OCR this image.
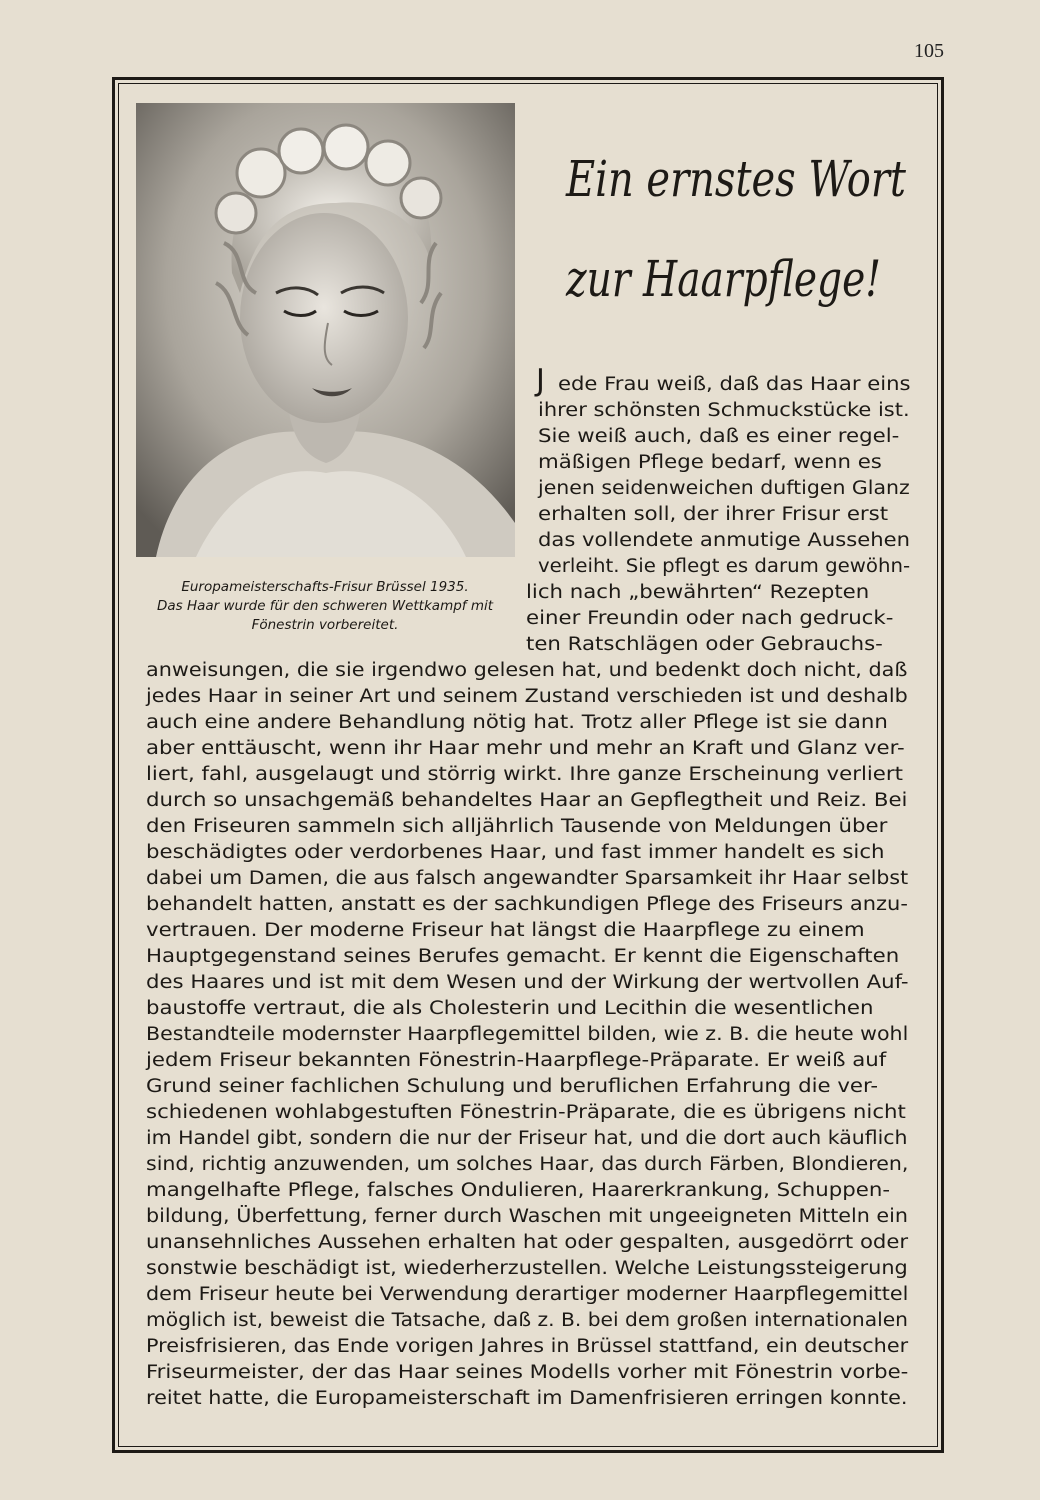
105
Europameisterschafts-Frisur Brüssel 1935.
Das Haar wurde für den schweren Wettkampf mit
Fönestrin vorbereitet.
Ein ernstes Wort
zur Haarpflege!
J ede Frau weiß, daß das Haar eins
ihrer schönsten Schmuckstücke ist.
Sie weiß auch, daß es einer regel-
mäßigen Pflege bedarf, wenn es
jenen seidenweichen duftigen Glanz
erhalten soll, der ihrer Frisur erst
das vollendete anmutige Aussehen
verleiht. Sie pflegt es darum gewöhn-
lich nach „bewährten“ Rezepten
einer Freundin oder nach gedruck-
ten Ratschlägen oder Gebrauchs-
anweisungen, die sie irgendwo gelesen hat, und bedenkt doch nicht, daß
jedes Haar in seiner Art und seinem Zustand verschieden ist und deshalb
auch eine andere Behandlung nötig hat. Trotz aller Pflege ist sie dann
aber enttäuscht, wenn ihr Haar mehr und mehr an Kraft und Glanz ver-
liert, fahl, ausgelaugt und störrig wirkt. Ihre ganze Erscheinung verliert
durch so unsachgemäß behandeltes Haar an Gepflegtheit und Reiz. Bei
den Friseuren sammeln sich alljährlich Tausende von Meldungen über
beschädigtes oder verdorbenes Haar, und fast immer handelt es sich
dabei um Damen, die aus falsch angewandter Sparsamkeit ihr Haar selbst
behandelt hatten, anstatt es der sachkundigen Pflege des Friseurs anzu-
vertrauen. Der moderne Friseur hat längst die Haarpflege zu einem
Hauptgegenstand seines Berufes gemacht. Er kennt die Eigenschaften
des Haares und ist mit dem Wesen und der Wirkung der wertvollen Auf-
baustoffe vertraut, die als Cholesterin und Lecithin die wesentlichen
Bestandteile modernster Haarpflegemittel bilden, wie z. B. die heute wohl
jedem Friseur bekannten Fönestrin-Haarpflege-Präparate. Er weiß auf
Grund seiner fachlichen Schulung und beruflichen Erfahrung die ver-
schiedenen wohlabgestuften Fönestrin-Präparate, die es übrigens nicht
im Handel gibt, sondern die nur der Friseur hat, und die dort auch käuflich
sind, richtig anzuwenden, um solches Haar, das durch Färben, Blondieren,
mangelhafte Pflege, falsches Ondulieren, Haarerkrankung, Schuppen-
bildung, Überfettung, ferner durch Waschen mit ungeeigneten Mitteln ein
unansehnliches Aussehen erhalten hat oder gespalten, ausgedörrt oder
sonstwie beschädigt ist, wiederherzustellen. Welche Leistungssteigerung
dem Friseur heute bei Verwendung derartiger moderner Haarpflegemittel
möglich ist, beweist die Tatsache, daß z. B. bei dem großen internationalen
Preisfrisieren, das Ende vorigen Jahres in Brüssel stattfand, ein deutscher
Friseurmeister, der das Haar seines Modells vorher mit Fönestrin vorbe-
reitet hatte, die Europameisterschaft im Damenfrisieren erringen konnte.
